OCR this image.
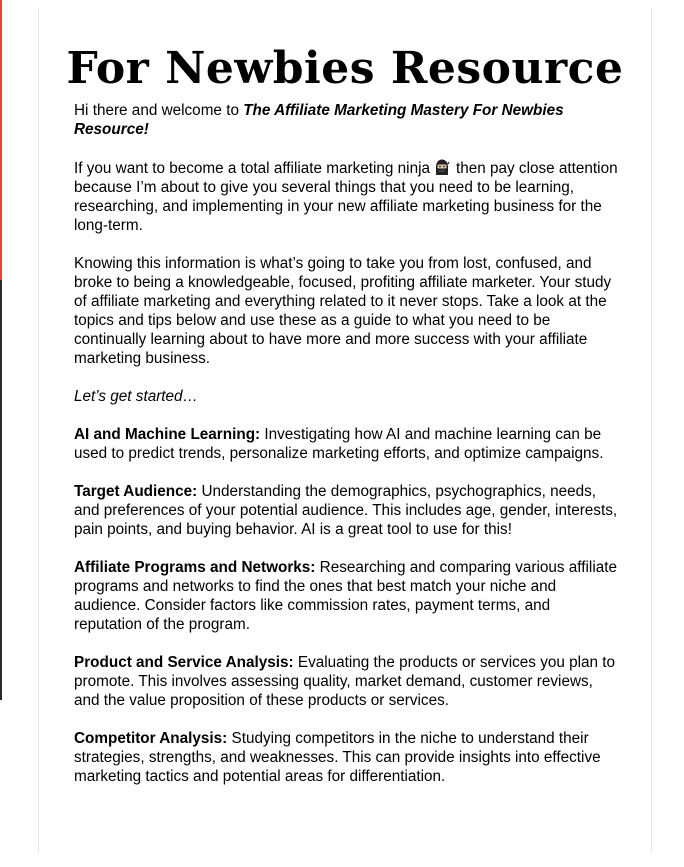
For Newbies Resource

Hi there and welcome to The Affiliate Marketing Mastery For Newbies Resource!

If you want to become a total affiliate marketing ninja then pay close attention because I’m about to give you several things that you need to be learning, researching, and implementing in your new affiliate marketing business for the long-term.

Knowing this information is what’s going to take you from lost, confused, and broke to being a knowledgeable, focused, profiting affiliate marketer. Your study of affiliate marketing and everything related to it never stops. Take a look at the topics and tips below and use these as a guide to what you need to be continually learning about to have more and more success with your affiliate marketing business.

Let’s get started…

AI and Machine Learning: Investigating how AI and machine learning can be used to predict trends, personalize marketing efforts, and optimize campaigns.

Target Audience: Understanding the demographics, psychographics, needs, and preferences of your potential audience. This includes age, gender, interests, pain points, and buying behavior. AI is a great tool to use for this!

Affiliate Programs and Networks: Researching and comparing various affiliate programs and networks to find the ones that best match your niche and audience. Consider factors like commission rates, payment terms, and reputation of the program.

Product and Service Analysis: Evaluating the products or services you plan to promote. This involves assessing quality, market demand, customer reviews, and the value proposition of these products or services.

Competitor Analysis: Studying competitors in the niche to understand their strategies, strengths, and weaknesses. This can provide insights into effective marketing tactics and potential areas for differentiation.
